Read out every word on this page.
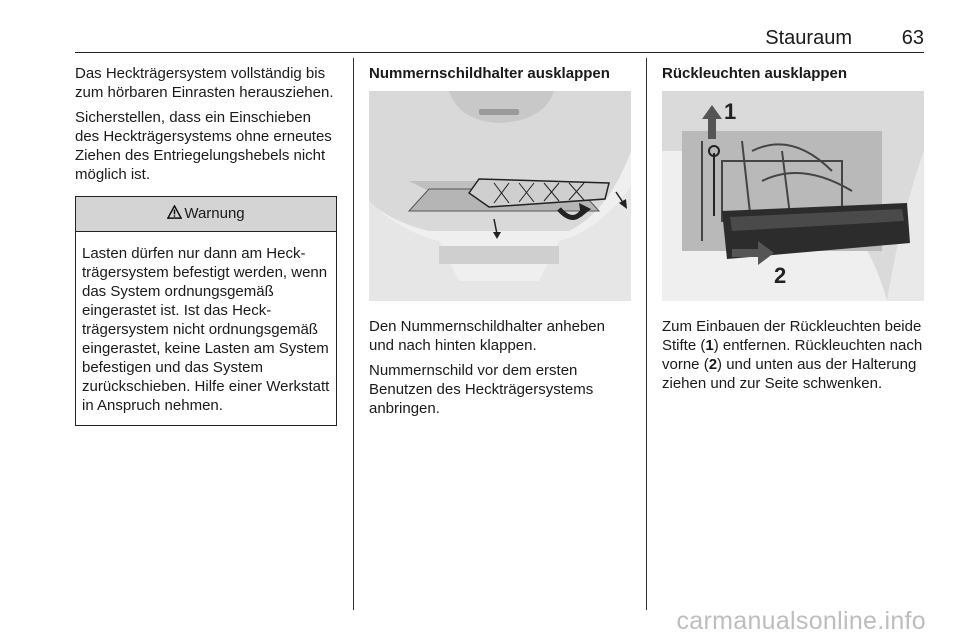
Stauraum 63

Das Heckträgersystem vollständig bis zum hörbaren Einrasten herausziehen.

Sicherstellen, dass ein Einschieben des Heckträgersystems ohne erneutes Ziehen des Entriegelungshebels nicht möglich ist.

Warnung
Lasten dürfen nur dann am Heckträgersystem befestigt werden, wenn das System ordnungsgemäß eingerastet ist. Ist das Heckträgersystem nicht ordnungsgemäß eingerastet, keine Lasten am System befestigen und das System zurückschieben. Hilfe einer Werkstatt in Anspruch nehmen.
Nummernschildhalter ausklappen

Den Nummernschildhalter anheben und nach hinten klappen.

Nummernschild vor dem ersten Benutzen des Heckträgersystems anbringen.

Rückleuchten ausklappen
1
2

Zum Einbauen der Rückleuchten beide Stifte (1) entfernen. Rückleuchten nach vorne (2) und unten aus der Halterung ziehen und zur Seite schwenken.

carmanualsonline.info
